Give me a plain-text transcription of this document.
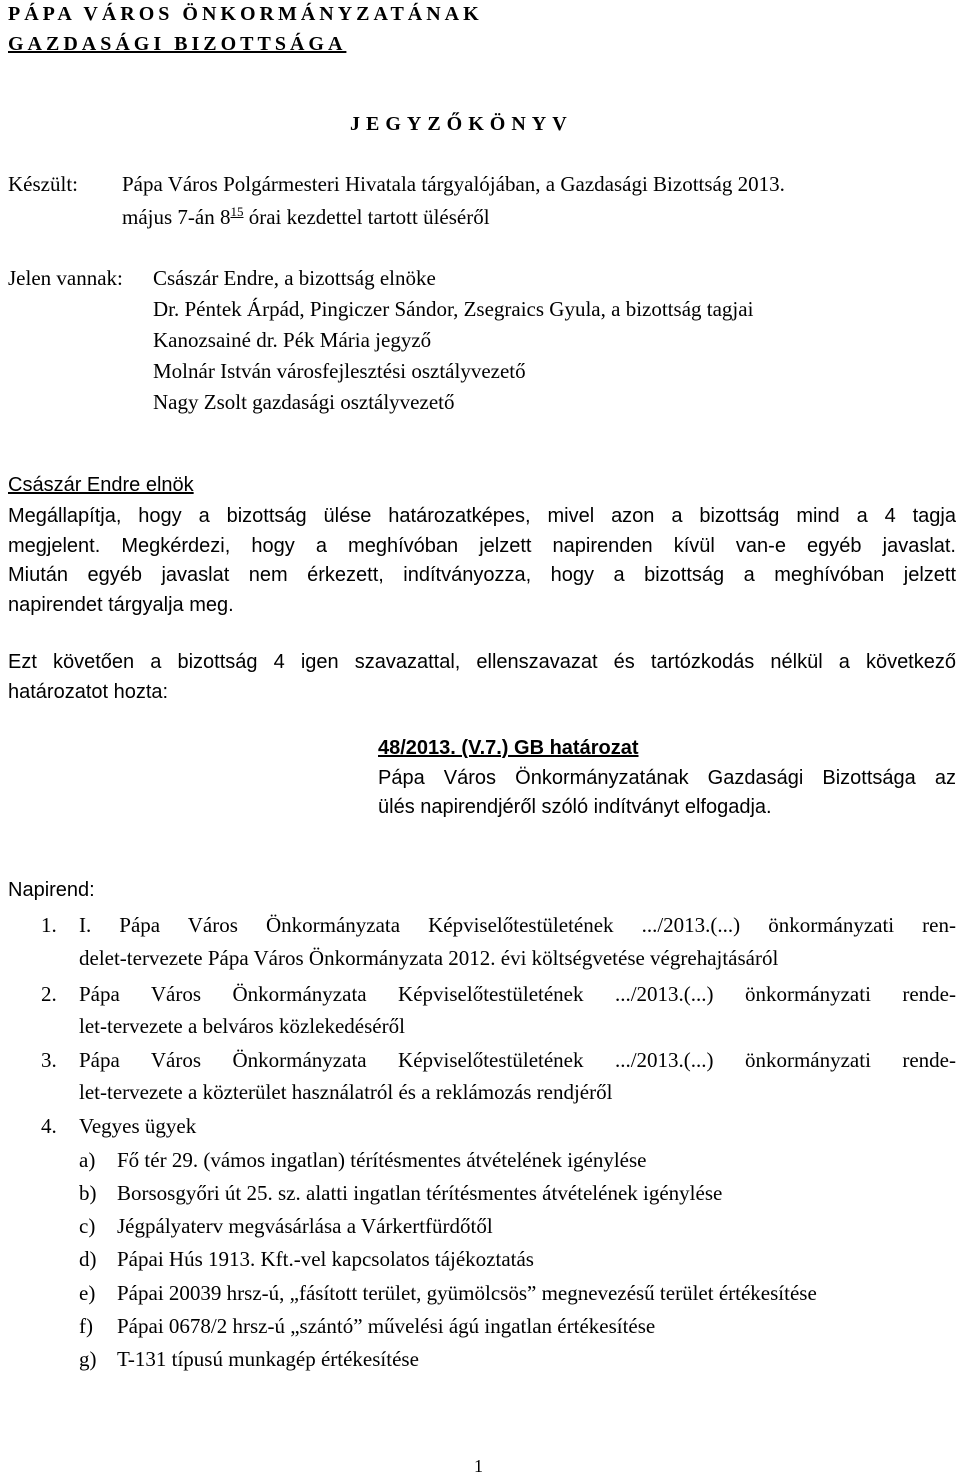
PÁPA VÁROS ÖNKORMÁNYZATÁNAK
GAZDASÁGI BIZOTTSÁGA
JEGYZŐKÖNYV
Készült: Pápa Város Polgármesteri Hivatala tárgyalójában, a Gazdasági Bizottság 2013.
május 7-án $8^{15}$ órai kezdettel tartott üléséről
Jelen vannak: Császár Endre, a bizottság elnöke
Dr. Péntek Árpád, Pingiczer Sándor, Zsegraics Gyula, a bizottság tagjai
Kanozsainé dr. Pék Mária jegyző
Molnár István városfejlesztési osztályvezető
Nagy Zsolt gazdasági osztályvezető
Császár Endre elnök
Megállapítja, hogy a bizottság ülése határozatképes, mivel azon a bizottság mind a 4 tagja
megjelent. Megkérdezi, hogy a meghívóban jelzett napirenden kívül van-e egyéb javaslat.
Miután egyéb javaslat nem érkezett, indítványozza, hogy a bizottság a meghívóban jelzett
napirendet tárgyalja meg.
Ezt követően a bizottság 4 igen szavazattal, ellenszavazat és tartózkodás nélkül a következő
határozatot hozta:
48/2013. (V.7.) GB határozat
Pápa Város Önkormányzatának Gazdasági Bizottsága az
ülés napirendjéről szóló indítványt elfogadja.
Napirend:
1. I. Pápa Város Önkormányzata Képviselőtestületének .../2013.(...) önkormányzati ren-
delet-tervezete Pápa Város Önkormányzata 2012. évi költségvetése végrehajtásáról
2. Pápa Város Önkormányzata Képviselőtestületének .../2013.(...) önkormányzati rende-
let-tervezete a belváros közlekedéséről
3. Pápa Város Önkormányzata Képviselőtestületének .../2013.(...) önkormányzati rende-
let-tervezete a közterület használatról és a reklámozás rendjéről
4. Vegyes ügyek
a) Fő tér 29. (vámos ingatlan) térítésmentes átvételének igénylése
b) Borsosgyőri út 25. sz. alatti ingatlan térítésmentes átvételének igénylése
c) Jégpályaterv megvásárlása a Várkertfürdőtől
d) Pápai Hús 1913. Kft.-vel kapcsolatos tájékoztatás
e) Pápai 20039 hrsz-ú, „fásított terület, gyümölcsös” megnevezésű terület értékesítése
f) Pápai 0678/2 hrsz-ú „szántó” művelési ágú ingatlan értékesítése
g) T-131 típusú munkagép értékesítése
1
